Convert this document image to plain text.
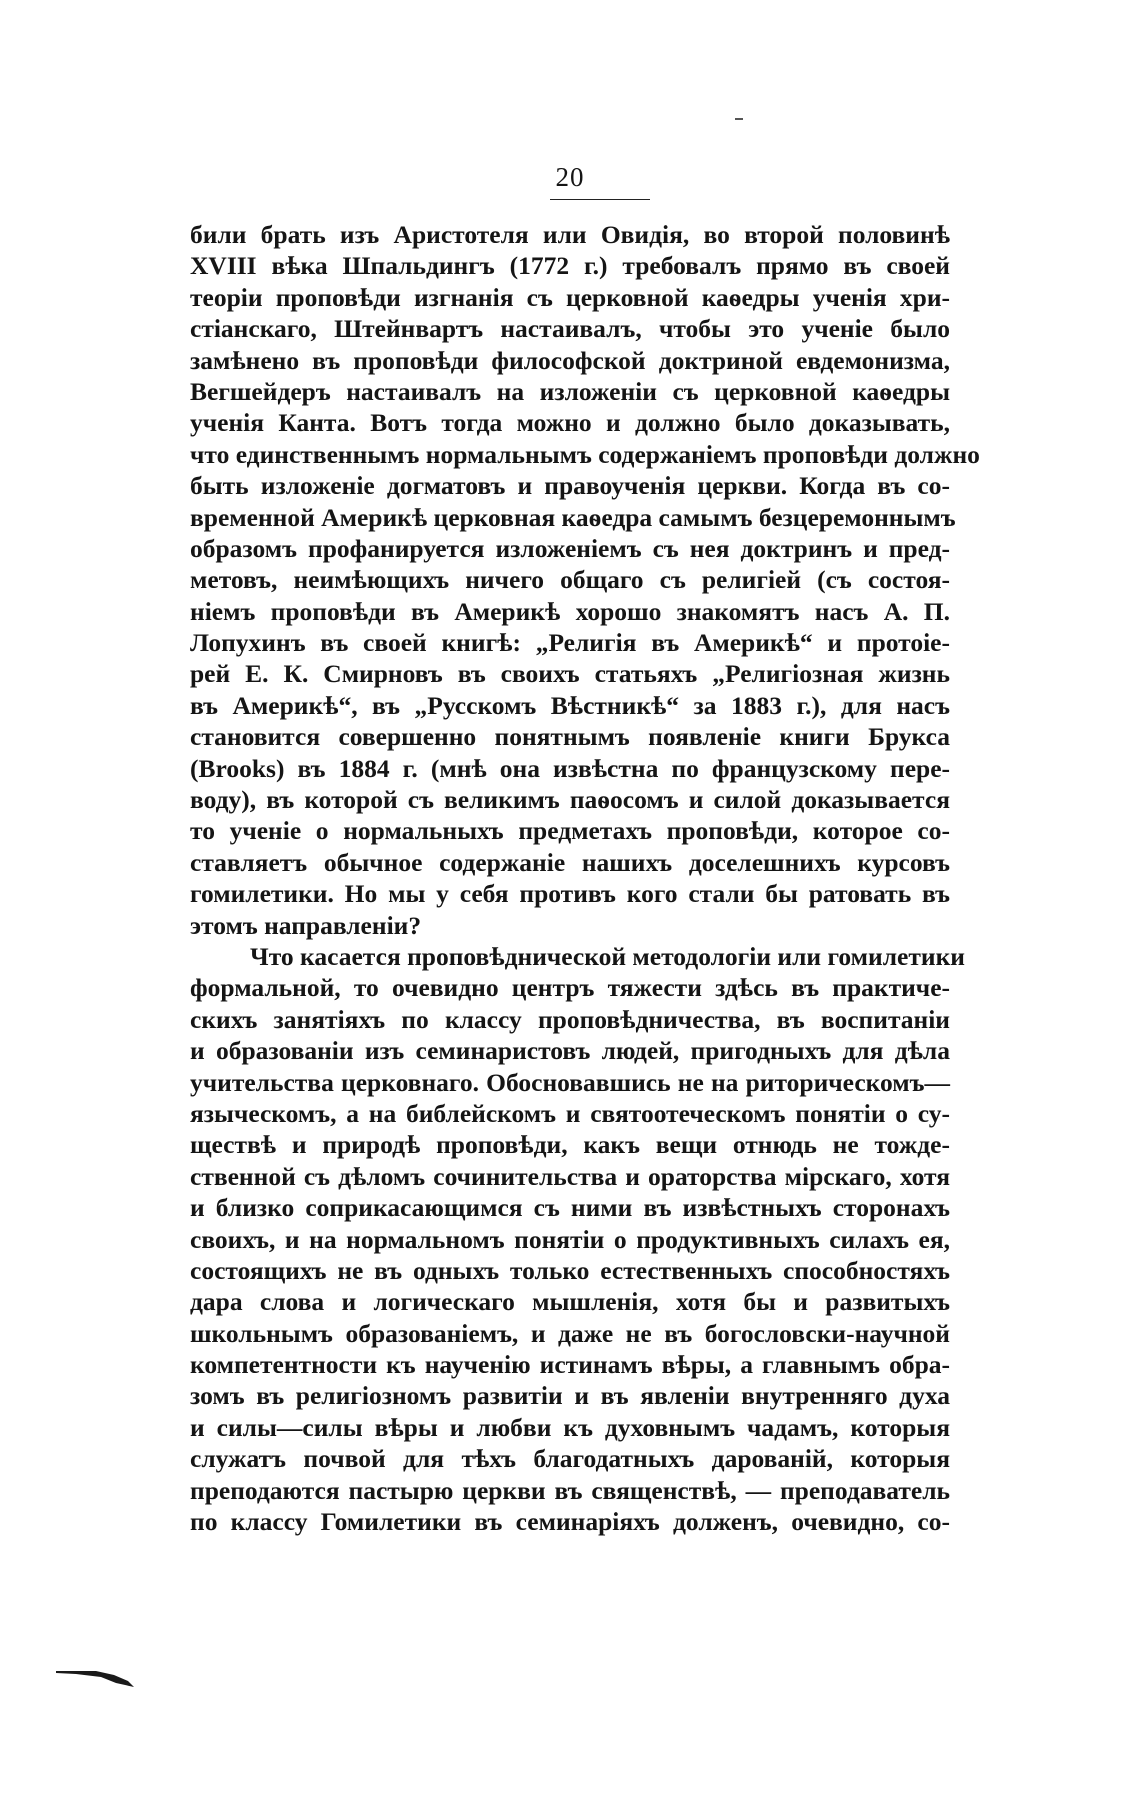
20
били брать изъ Аристотеля или Овидія, во второй половинѣ
XVIII вѣка Шпальдингъ (1772 г.) требовалъ прямо въ своей
теоріи проповѣди изгнанія съ церковной каѳедры ученія хри-
стіанскаго, Штейнвартъ настаивалъ, чтобы это ученіе было
замѣнено въ проповѣди философской доктриной евдемонизма,
Вегшейдеръ настаивалъ на изложеніи съ церковной каѳедры
ученія Канта. Вотъ тогда можно и должно было доказывать,
что единственнымъ нормальнымъ содержаніемъ проповѣди должно
быть изложеніе догматовъ и правоученія церкви. Когда въ со-
временной Америкѣ церковная каѳедра самымъ безцеремоннымъ
образомъ профанируется изложеніемъ съ нея доктринъ и пред-
метовъ, неимѣющихъ ничего общаго съ религіей (съ состоя-
ніемъ проповѣди въ Америкѣ хорошо знакомятъ насъ А. П.
Лопухинъ въ своей книгѣ: „Религія въ Америкѣ“ и протоіе-
рей Е. К. Смирновъ въ своихъ статьяхъ „Религіозная жизнь
въ Америкѣ“, въ „Русскомъ Вѣстникѣ“ за 1883 г.), для насъ
становится совершенно понятнымъ появленіе книги Брукса
(Brooks) въ 1884 г. (мнѣ она извѣстна по французскому пере-
воду), въ которой съ великимъ паѳосомъ и силой доказывается
то ученіе о нормальныхъ предметахъ проповѣди, которое со-
ставляетъ обычное содержаніе нашихъ доселешнихъ курсовъ
гомилетики. Но мы у себя противъ кого стали бы ратовать въ
этомъ направленіи?
Что касается проповѣднической методологіи или гомилетики
формальной, то очевидно центръ тяжести здѣсь въ практиче-
скихъ занятіяхъ по классу проповѣдничества, въ воспитаніи
и образованіи изъ семинаристовъ людей, пригодныхъ для дѣла
учительства церковнаго. Обосновавшись не на риторическомъ—
языческомъ, а на библейскомъ и святоотеческомъ понятіи о су-
ществѣ и природѣ проповѣди, какъ вещи отнюдь не тожде-
ственной съ дѣломъ сочинительства и ораторства мірскаго, хотя
и близко соприкасающимся съ ними въ извѣстныхъ сторонахъ
своихъ, и на нормальномъ понятіи о продуктивныхъ силахъ ея,
состоящихъ не въ одныхъ только естественныхъ способностяхъ
дара слова и логическаго мышленія, хотя бы и развитыхъ
школьнымъ образованіемъ, и даже не въ богословски-научной
компетентности къ наученію истинамъ вѣры, а главнымъ обра-
зомъ въ религіозномъ развитіи и въ явленіи внутренняго духа
и силы—силы вѣры и любви къ духовнымъ чадамъ, которыя
служатъ почвой для тѣхъ благодатныхъ дарованій, которыя
преподаются пастырю церкви въ священствѣ, — преподаватель
по классу Гомилетики въ семинаріяхъ долженъ, очевидно, со-
